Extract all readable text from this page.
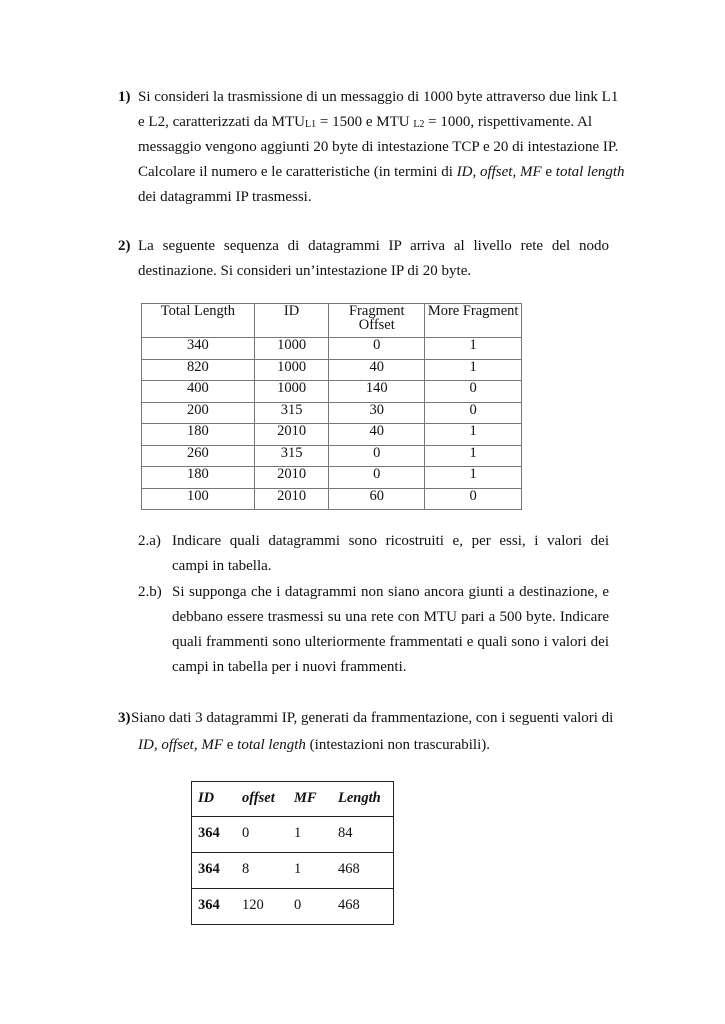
1) Si consideri la trasmissione di un messaggio di 1000 byte attraverso due link L1
e L2, caratterizzati da $MTU_{L1} = 1500$ e MTU $_{L2}$ = 1000, rispettivamente. Al
messaggio vengono aggiunti 20 byte di intestazione TCP e 20 di intestazione IP.
Calcolare il numero e le caratteristiche (in termini di ID, offset, MF e total length
dei datagrammi IP trasmessi.
2) La seguente sequenza di datagrammi IP arriva al livello rete del nodo
destinazione. Si consideri un’intestazione IP di 20 byte.
Total Length	ID	Fragment Offset	More Fragment
340	1000	0	1
820	1000	40	1
400	1000	140	0
200	315	30	0
180	2010	40	1
260	315	0	1
180	2010	0	1
100	2010	60	0
2.a) Indicare quali datagrammi sono ricostruiti e, per essi, i valori dei
campi in tabella.
2.b) Si supponga che i datagrammi non siano ancora giunti a destinazione, e
debbano essere trasmessi su una rete con MTU pari a 500 byte. Indicare
quali frammenti sono ulteriormente frammentati e quali sono i valori dei
campi in tabella per i nuovi frammenti.
3) Siano dati 3 datagrammi IP, generati da frammentazione, con i seguenti valori di
ID, offset, MF e total length (intestazioni non trascurabili).
ID	offset	MF	Length
364	0	1	84
364	8	1	468
364	120	0	468
